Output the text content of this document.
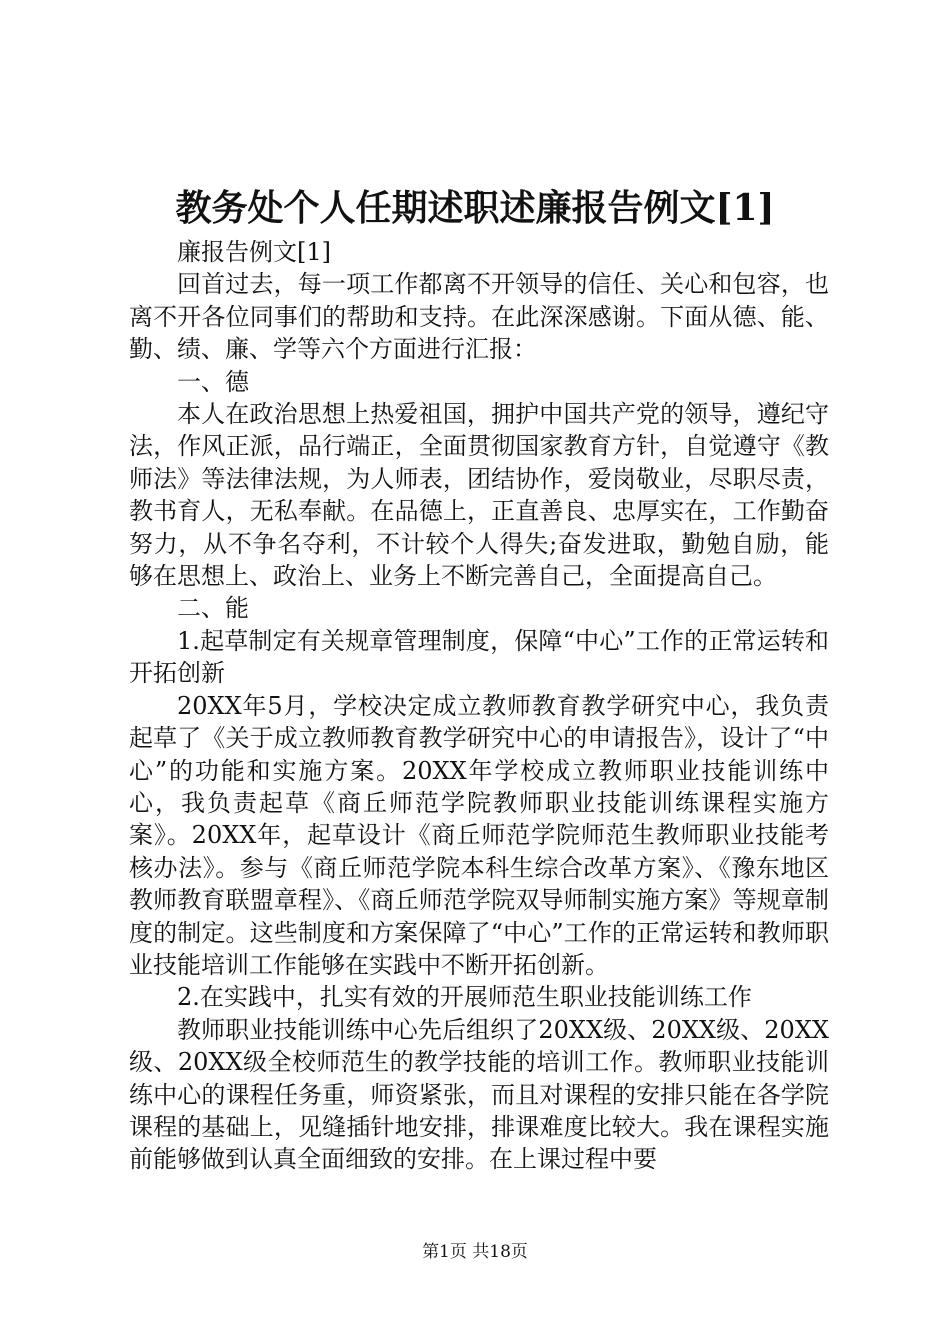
教务处个人任期述职述廉报告例文[1]

廉报告例文[1]

回首过去，每一项工作都离不开领导的信任、关心和包容，也离不开各位同事们的帮助和支持。在此深深感谢。下面从德、能、勤、绩、廉、学等六个方面进行汇报：

一、德

本人在政治思想上热爱祖国，拥护中国共产党的领导，遵纪守法，作风正派，品行端正，全面贯彻国家教育方针，自觉遵守《教师法》等法律法规，为人师表，团结协作，爱岗敬业，尽职尽责，教书育人，无私奉献。在品德上，正直善良、忠厚实在，工作勤奋努力，从不争名夺利，不计较个人得失;奋发进取，勤勉自励，能够在思想上、政治上、业务上不断完善自己，全面提高自己。

二、能

1.起草制定有关规章管理制度，保障“中心”工作的正常运转和开拓创新

20XX年5月，学校决定成立教师教育教学研究中心，我负责起草了《关于成立教师教育教学研究中心的申请报告》，设计了“中心”的功能和实施方案。20XX年学校成立教师职业技能训练中心，我负责起草《商丘师范学院教师职业技能训练课程实施方案》。20XX年，起草设计《商丘师范学院师范生教师职业技能考核办法》。参与《商丘师范学院本科生综合改革方案》、《豫东地区教师教育联盟章程》、《商丘师范学院双导师制实施方案》等规章制度的制定。这些制度和方案保障了“中心”工作的正常运转和教师职业技能培训工作能够在实践中不断开拓创新。

2.在实践中，扎实有效的开展师范生职业技能训练工作

教师职业技能训练中心先后组织了20XX级、20XX级、20XX级、20XX级全校师范生的教学技能的培训工作。教师职业技能训练中心的课程任务重，师资紧张，而且对课程的安排只能在各学院课程的基础上，见缝插针地安排，排课难度比较大。我在课程实施前能够做到认真全面细致的安排。在上课过程中要

第1页 共18页
